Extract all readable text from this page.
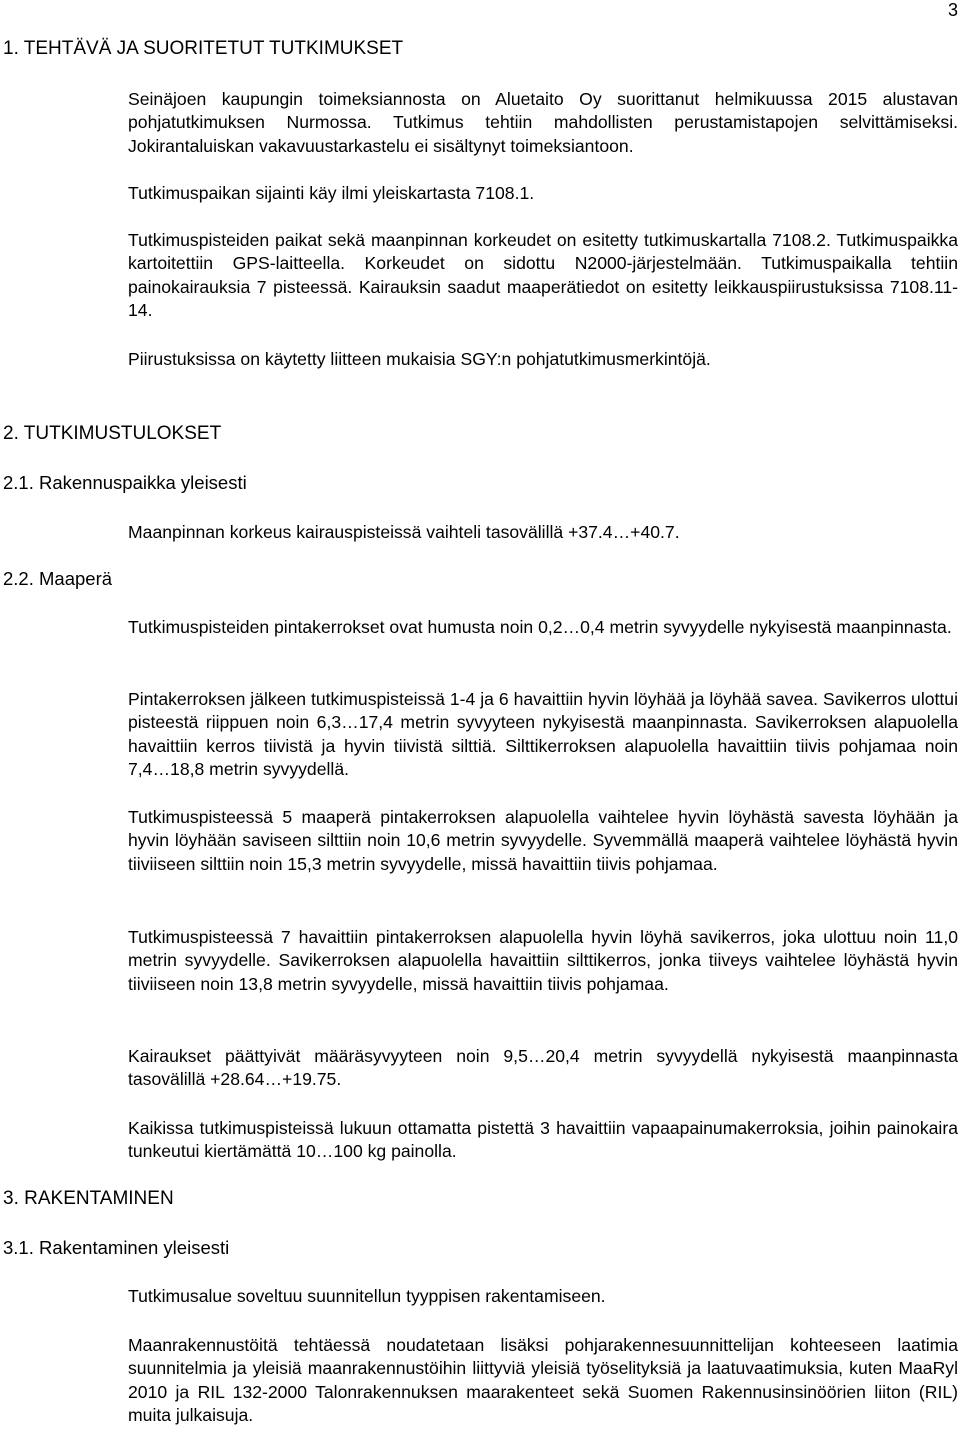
3
1. TEHTÄVÄ JA SUORITETUT TUTKIMUKSET
Seinäjoen kaupungin toimeksiannosta on Aluetaito Oy suorittanut helmikuussa 2015 alustavan pohjatutkimuksen Nurmossa. Tutkimus tehtiin mahdollisten perustamistapojen selvittämiseksi. Jokirantaluiskan vakavuustarkastelu ei sisältynyt toimeksiantoon.
Tutkimuspaikan sijainti käy ilmi yleiskartasta 7108.1.
Tutkimuspisteiden paikat sekä maanpinnan korkeudet on esitetty tutkimuskartalla 7108.2. Tutkimuspaikka kartoitettiin GPS-laitteella. Korkeudet on sidottu N2000-järjestelmään. Tutkimuspaikalla tehtiin painokairauksia 7 pisteessä. Kairauksin saadut maaperätiedot on esitetty leikkauspiirustuksissa 7108.11-14.
Piirustuksissa on käytetty liitteen mukaisia SGY:n pohjatutkimusmerkintöjä.
2. TUTKIMUSTULOKSET
2.1. Rakennuspaikka yleisesti
Maanpinnan korkeus kairauspisteissä vaihteli tasovälillä +37.4…+40.7.
2.2. Maaperä
Tutkimuspisteiden pintakerrokset ovat humusta noin 0,2…0,4 metrin syvyydelle nykyisestä maanpinnasta.
Pintakerroksen jälkeen tutkimuspisteissä 1-4 ja 6 havaittiin hyvin löyhää ja löyhää savea. Savikerros ulottui pisteestä riippuen noin 6,3…17,4 metrin syvyyteen nykyisestä maanpinnasta. Savikerroksen alapuolella havaittiin kerros tiivistä ja hyvin tiivistä silttiä. Silttikerroksen alapuolella havaittiin tiivis pohjamaa noin 7,4…18,8 metrin syvyydellä.
Tutkimuspisteessä 5 maaperä pintakerroksen alapuolella vaihtelee hyvin löyhästä savesta löyhään ja hyvin löyhään saviseen silttiin noin 10,6 metrin syvyydelle. Syvemmällä maaperä vaihtelee löyhästä hyvin tiiviiseen silttiin noin 15,3 metrin syvyydelle, missä havaittiin tiivis pohjamaa.
Tutkimuspisteessä 7 havaittiin pintakerroksen alapuolella hyvin löyhä savikerros, joka ulottuu noin 11,0 metrin syvyydelle. Savikerroksen alapuolella havaittiin silttikerros, jonka tiiveys vaihtelee löyhästä hyvin tiiviiseen noin 13,8 metrin syvyydelle, missä havaittiin tiivis pohjamaa.
Kairaukset päättyivät määräsyvyyteen noin 9,5…20,4 metrin syvyydellä nykyisestä maanpinnasta tasovälillä +28.64…+19.75.
Kaikissa tutkimuspisteissä lukuun ottamatta pistettä 3 havaittiin vapaapainumakerroksia, joihin painokaira tunkeutui kiertämättä 10…100 kg painolla.
3. RAKENTAMINEN
3.1. Rakentaminen yleisesti
Tutkimusalue soveltuu suunnitellun tyyppisen rakentamiseen.
Maanrakennustöitä tehtäessä noudatetaan lisäksi pohjarakennesuunnittelijan kohteeseen laatimia suunnitelmia ja yleisiä maanrakennustöihin liittyviä yleisiä työselityksiä ja laatuvaatimuksia, kuten MaaRyl 2010 ja RIL 132-2000 Talonrakennuksen maarakenteet sekä Suomen Rakennusinsinöörien liiton (RIL) muita julkaisuja.
